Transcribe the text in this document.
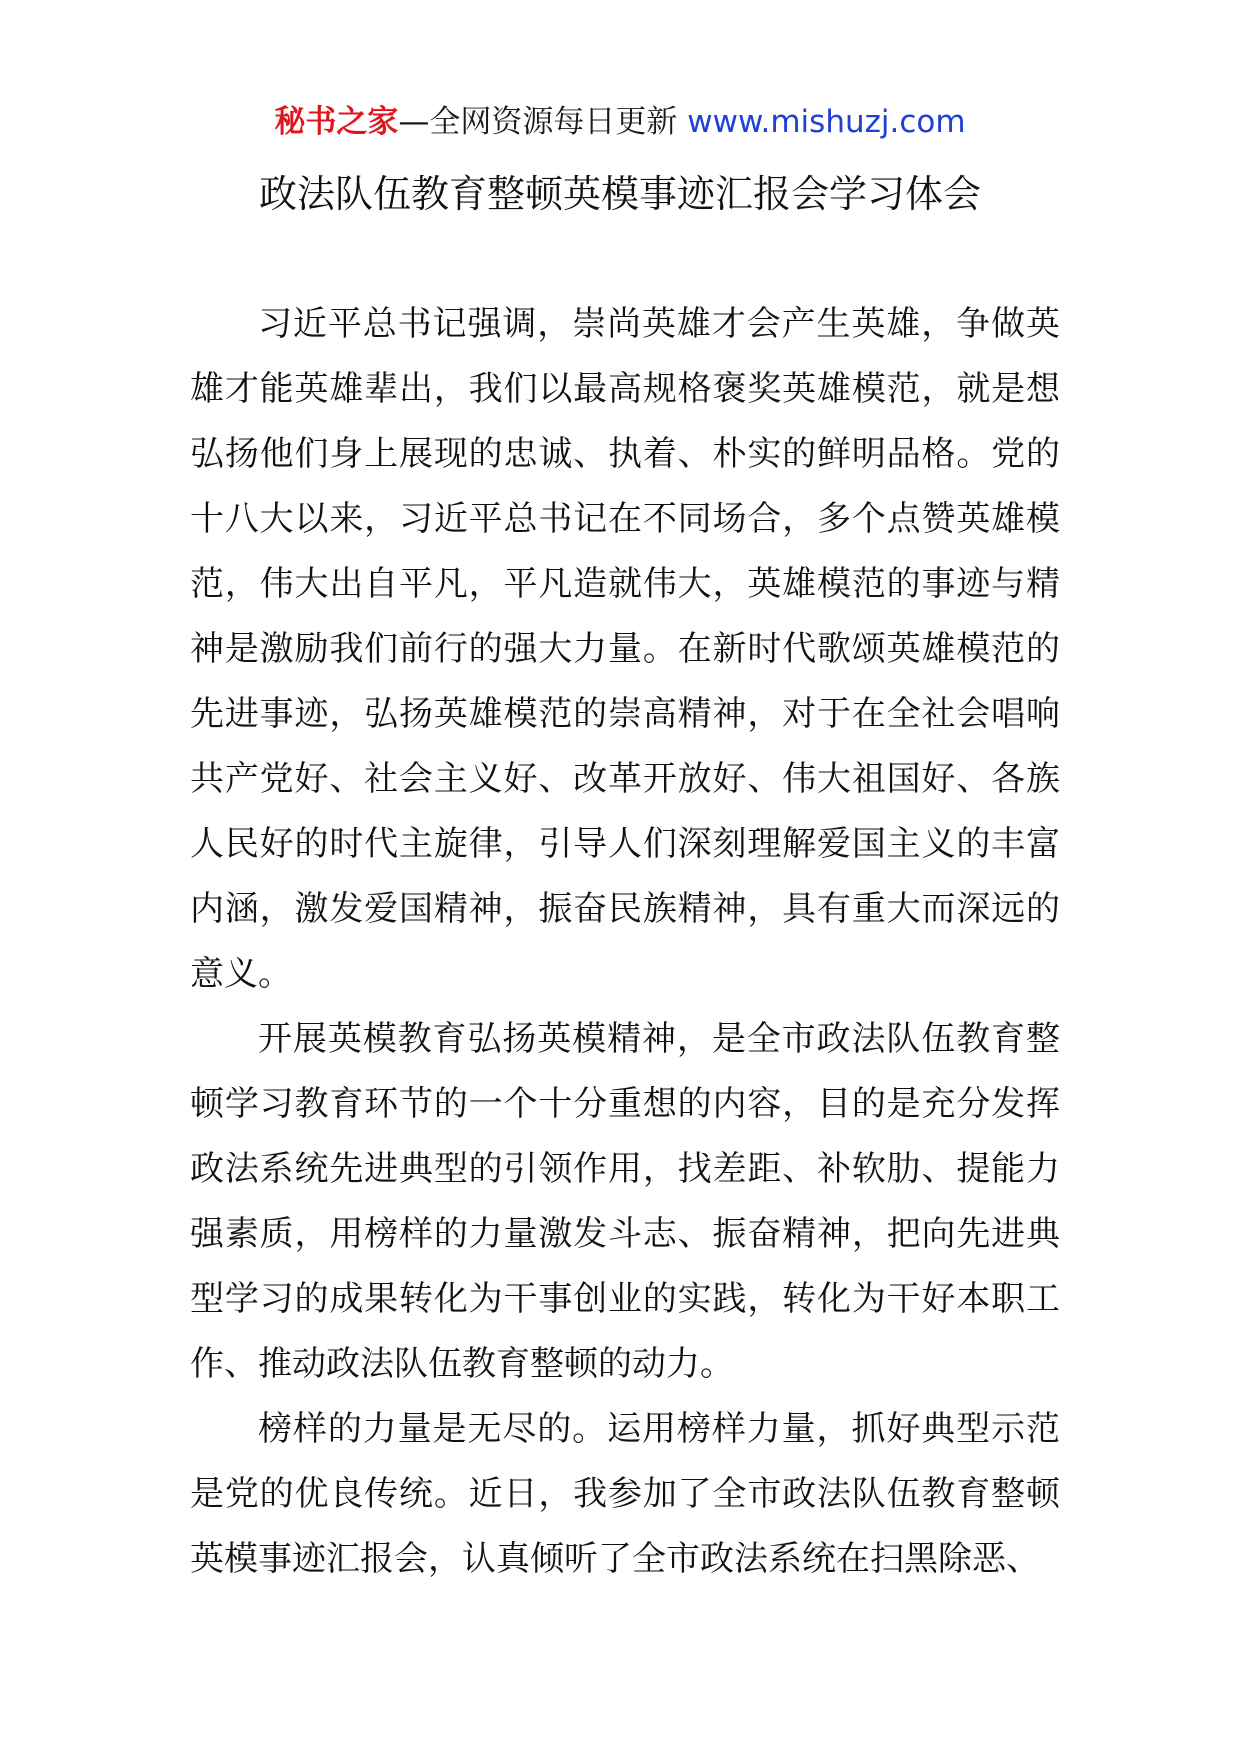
秘书之家—全网资源每日更新 www.mishuzj.com
政法队伍教育整顿英模事迹汇报会学习体会

习近平总书记强调，崇尚英雄才会产生英雄，争做英雄才能英雄辈出，我们以最高规格褒奖英雄模范，就是想弘扬他们身上展现的忠诚、执着、朴实的鲜明品格。党的十八大以来，习近平总书记在不同场合，多个点赞英雄模范，伟大出自平凡，平凡造就伟大，英雄模范的事迹与精神是激励我们前行的强大力量。在新时代歌颂英雄模范的先进事迹，弘扬英雄模范的崇高精神，对于在全社会唱响共产党好、社会主义好、改革开放好、伟大祖国好、各族人民好的时代主旋律，引导人们深刻理解爱国主义的丰富内涵，激发爱国精神，振奋民族精神，具有重大而深远的意义。

开展英模教育弘扬英模精神，是全市政法队伍教育整顿学习教育环节的一个十分重想的内容，目的是充分发挥政法系统先进典型的引领作用，找差距、补软肋、提能力强素质，用榜样的力量激发斗志、振奋精神，把向先进典型学习的成果转化为干事创业的实践，转化为干好本职工作、推动政法队伍教育整顿的动力。

榜样的力量是无尽的。运用榜样力量，抓好典型示范是党的优良传统。近日，我参加了全市政法队伍教育整顿英模事迹汇报会，认真倾听了全市政法系统在扫黑除恶、
